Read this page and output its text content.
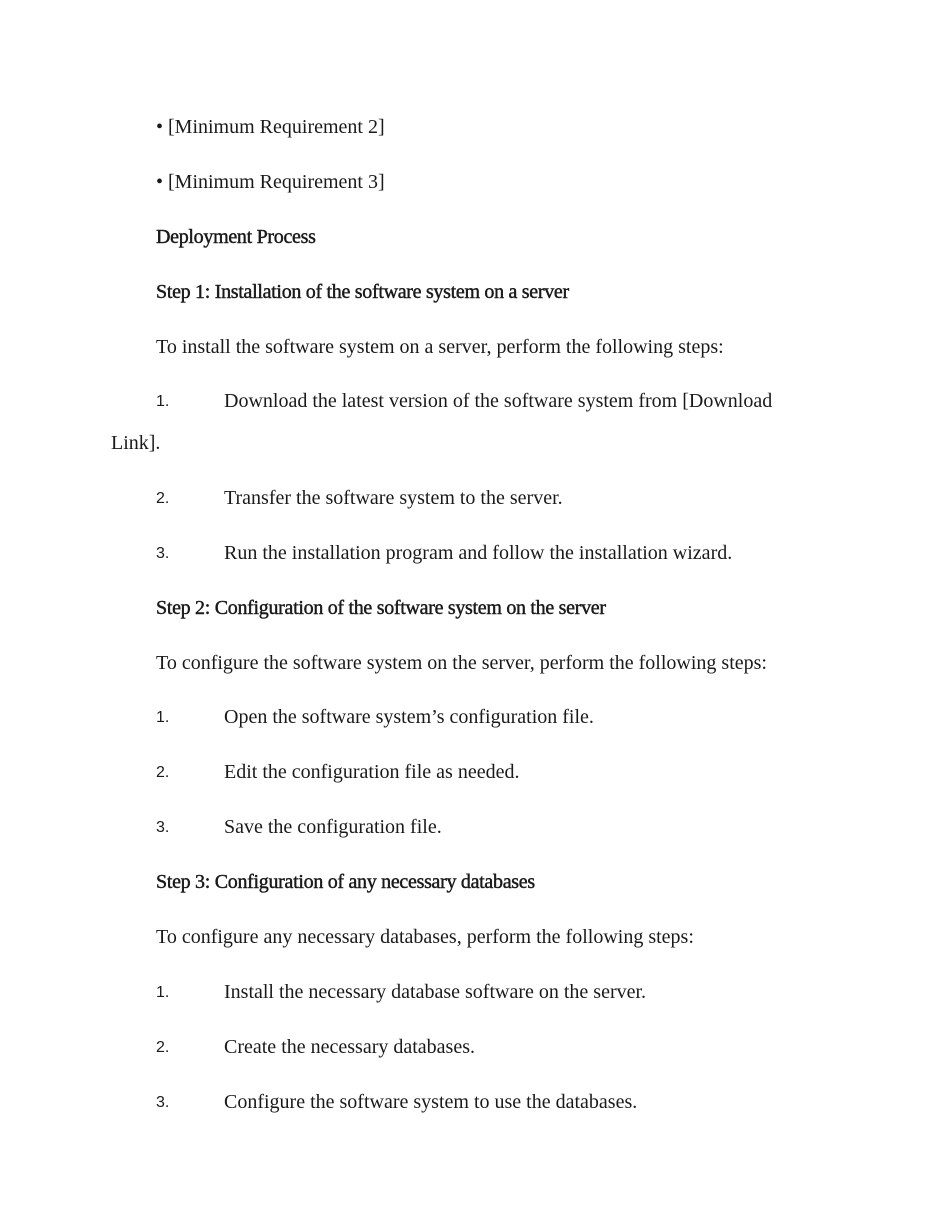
• [Minimum Requirement 2]
• [Minimum Requirement 3]
Deployment Process
Step 1: Installation of the software system on a server
To install the software system on a server, perform the following steps:
1.	Download the latest version of the software system from [Download
Link].
2.	Transfer the software system to the server.
3.	Run the installation program and follow the installation wizard.
Step 2: Configuration of the software system on the server
To configure the software system on the server, perform the following steps:
1.	Open the software system’s configuration file.
2.	Edit the configuration file as needed.
3.	Save the configuration file.
Step 3: Configuration of any necessary databases
To configure any necessary databases, perform the following steps:
1.	Install the necessary database software on the server.
2.	Create the necessary databases.
3.	Configure the software system to use the databases.
